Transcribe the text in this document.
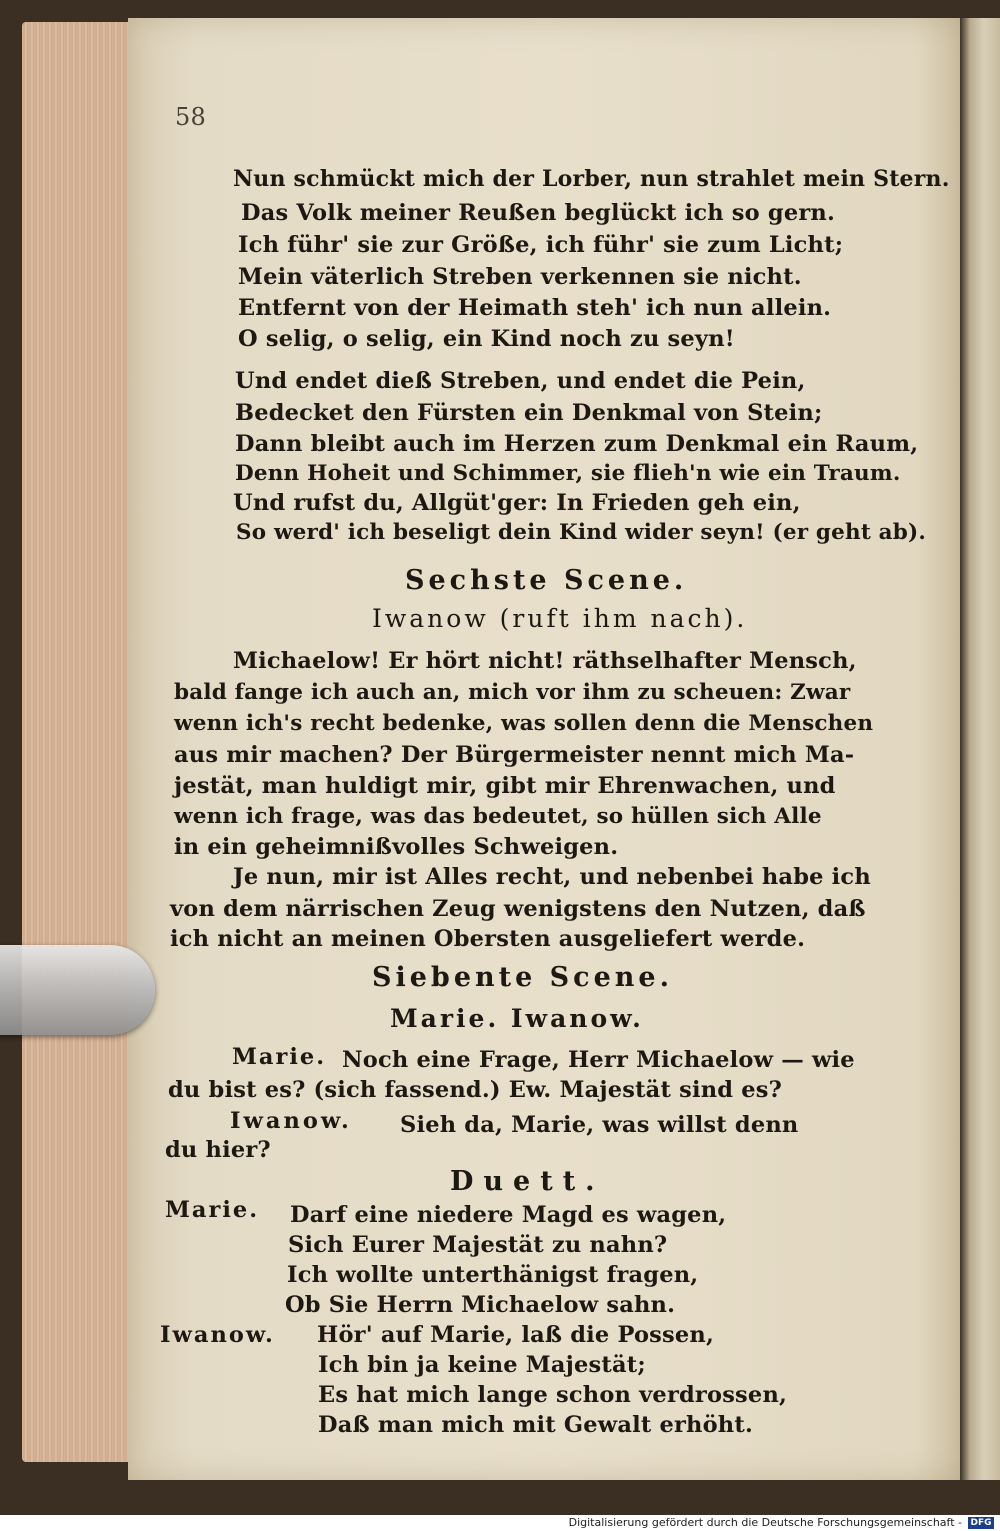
58
Nun schmückt mich der Lorber, nun strahlet mein Stern.
Das Volk meiner Reußen beglückt ich so gern.
Ich führ' sie zur Größe, ich führ' sie zum Licht;
Mein väterlich Streben verkennen sie nicht.
Entfernt von der Heimath steh' ich nun allein.
O selig, o selig, ein Kind noch zu seyn!
Und endet dieß Streben, und endet die Pein,
Bedecket den Fürsten ein Denkmal von Stein;
Dann bleibt auch im Herzen zum Denkmal ein Raum,
Denn Hoheit und Schimmer, sie flieh'n wie ein Traum.
Und rufst du, Allgüt'ger: In Frieden geh ein,
So werd' ich beseligt dein Kind wider seyn! (er geht ab).
Sechste Scene.
Iwanow (ruft ihm nach).
Michaelow! Er hört nicht! räthselhafter Mensch,
bald fange ich auch an, mich vor ihm zu scheuen: Zwar
wenn ich's recht bedenke, was sollen denn die Menschen
aus mir machen? Der Bürgermeister nennt mich Ma-
jestät, man huldigt mir, gibt mir Ehrenwachen, und
wenn ich frage, was das bedeutet, so hüllen sich Alle
in ein geheimnißvolles Schweigen.
Je nun, mir ist Alles recht, und nebenbei habe ich
von dem närrischen Zeug wenigstens den Nutzen, daß
ich nicht an meinen Obersten ausgeliefert werde.
Siebente Scene.
Marie. Iwanow.
Marie. Noch eine Frage, Herr Michaelow — wie
du bist es? (sich fassend.) Ew. Majestät sind es?
Iwanow. Sieh da, Marie, was willst denn
du hier?
Duett.
Marie. Darf eine niedere Magd es wagen,
Sich Eurer Majestät zu nahn?
Ich wollte unterthänigst fragen,
Ob Sie Herrn Michaelow sahn.
Iwanow. Hör' auf Marie, laß die Possen,
Ich bin ja keine Majestät;
Es hat mich lange schon verdrossen,
Daß man mich mit Gewalt erhöht.
Digitalisierung gefördert durch die Deutsche Forschungsgemeinschaft - DFG
